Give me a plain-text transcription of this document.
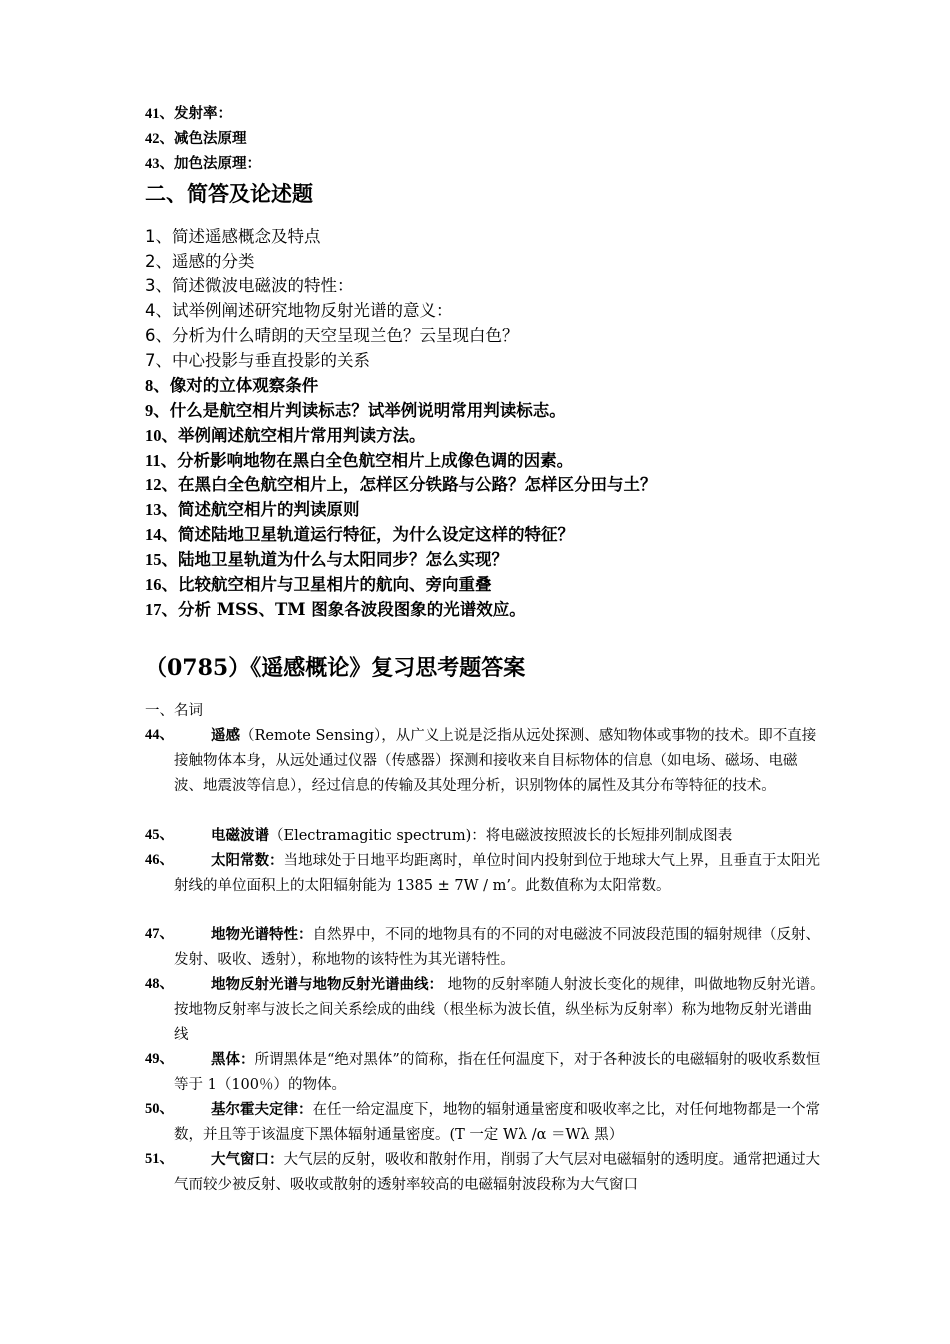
41、发射率：
42、减色法原理
43、加色法原理：
二、简答及论述题
1、简述遥感概念及特点
2、遥感的分类
3、简述微波电磁波的特性：
4、试举例阐述研究地物反射光谱的意义：
6、分析为什么晴朗的天空呈现兰色？云呈现白色？
7、中心投影与垂直投影的关系
8、像对的立体观察条件
9、什么是航空相片判读标志？试举例说明常用判读标志。
10、举例阐述航空相片常用判读方法。
11、分析影响地物在黑白全色航空相片上成像色调的因素。
12、在黑白全色航空相片上，怎样区分铁路与公路？怎样区分田与土？
13、简述航空相片的判读原则
14、简述陆地卫星轨道运行特征，为什么设定这样的特征？
15、陆地卫星轨道为什么与太阳同步？怎么实现？
16、比较航空相片与卫星相片的航向、旁向重叠
17、分析 MSS、TM 图象各波段图象的光谱效应。
（0785）《遥感概论》复习思考题答案
一、名词
44、	遥感（Remote Sensing），从广义上说是泛指从远处探测、感知物体或事物的技术。即不直接接触物体本身，从远处通过仪器（传感器）探测和接收来自目标物体的信息（如电场、磁场、电磁波、地震波等信息），经过信息的传输及其处理分析，识别物体的属性及其分布等特征的技术。
45、	电磁波谱（Electramagitic spectrum)：将电磁波按照波长的长短排列制成图表
46、	太阳常数：当地球处于日地平均距离时，单位时间内投射到位于地球大气上界，且垂直于太阳光射线的单位面积上的太阳辐射能为 1385 ± 7W / m’。此数值称为太阳常数。
47、	地物光谱特性：自然界中，不同的地物具有的不同的对电磁波不同波段范围的辐射规律（反射、发射、吸收、透射），称地物的该特性为其光谱特性。
48、	地物反射光谱与地物反射光谱曲线： 地物的反射率随人射波长变化的规律，叫做地物反射光谱。按地物反射率与波长之间关系绘成的曲线（根坐标为波长值，纵坐标为反射率）称为地物反射光谱曲线
49、	黑体：所谓黑体是“绝对黑体”的简称，指在任何温度下，对于各种波长的电磁辐射的吸收系数恒等于 1（100％）的物体。
50、	基尔霍夫定律：在任一给定温度下，地物的辐射通量密度和吸收率之比，对任何地物都是一个常数，并且等于该温度下黑体辐射通量密度。(T 一定 Wλ /α ＝Wλ 黑）
51、	大气窗口：大气层的反射，吸收和散射作用，削弱了大气层对电磁辐射的透明度。通常把通过大气而较少被反射、吸收或散射的透射率较高的电磁辐射波段称为大气窗口
